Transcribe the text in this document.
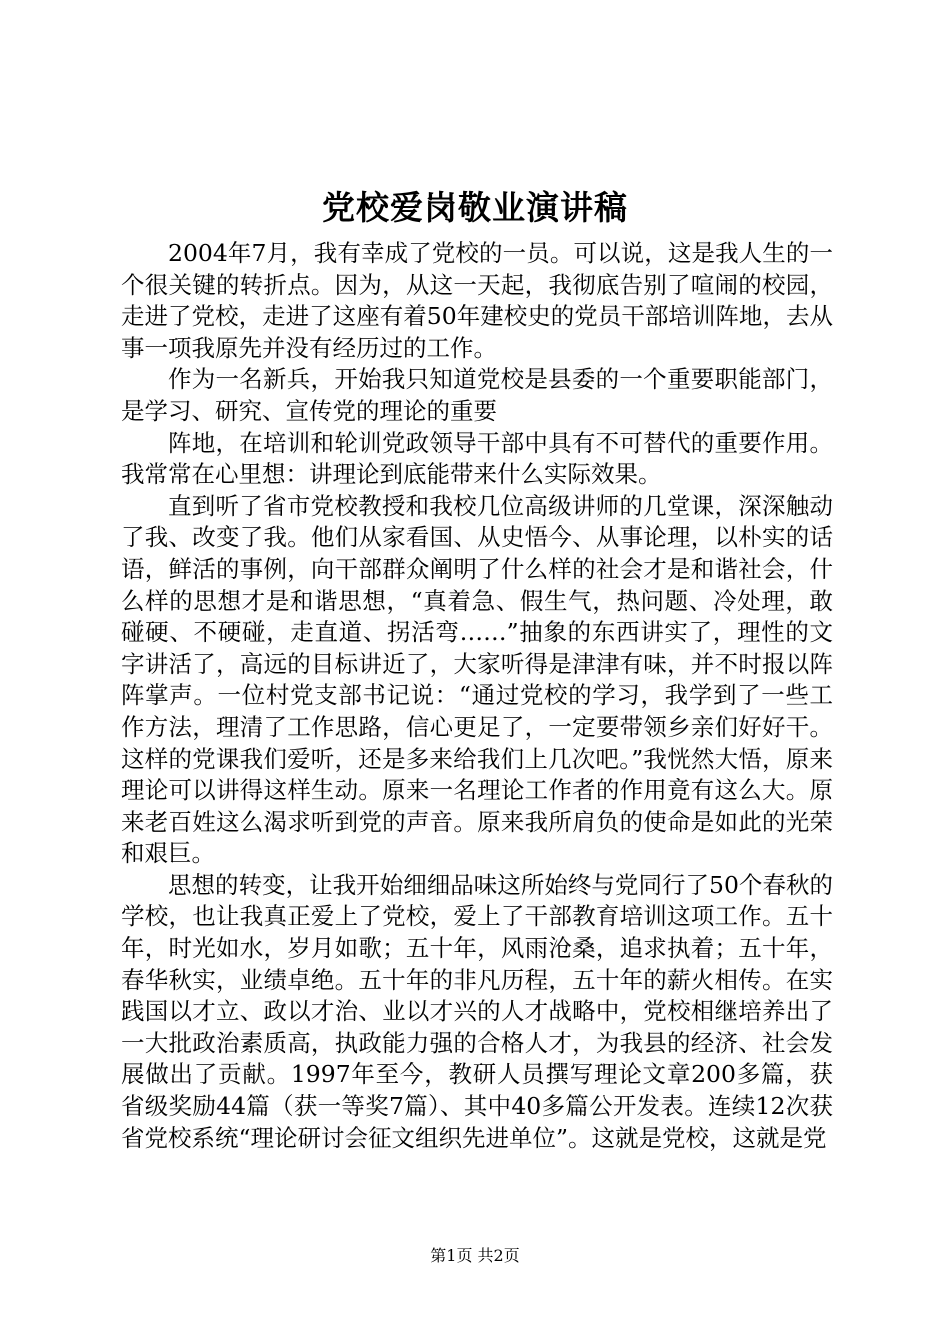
党校爱岗敬业演讲稿

2004年7月，我有幸成了党校的一员。可以说，这是我人生的一个很关键的转折点。因为，从这一天起，我彻底告别了喧闹的校园，走进了党校，走进了这座有着50年建校史的党员干部培训阵地，去从事一项我原先并没有经历过的工作。

作为一名新兵，开始我只知道党校是县委的一个重要职能部门，是学习、研究、宣传党的理论的重要

阵地，在培训和轮训党政领导干部中具有不可替代的重要作用。我常常在心里想：讲理论到底能带来什么实际效果。

直到听了省市党校教授和我校几位高级讲师的几堂课，深深触动了我、改变了我。他们从家看国、从史悟今、从事论理，以朴实的话语，鲜活的事例，向干部群众阐明了什么样的社会才是和谐社会，什么样的思想才是和谐思想，“真着急、假生气，热问题、冷处理，敢碰硬、不硬碰，走直道、拐活弯……”抽象的东西讲实了，理性的文字讲活了，高远的目标讲近了，大家听得是津津有味，并不时报以阵阵掌声。一位村党支部书记说：“通过党校的学习，我学到了一些工作方法，理清了工作思路，信心更足了，一定要带领乡亲们好好干。这样的党课我们爱听，还是多来给我们上几次吧。”我恍然大悟，原来理论可以讲得这样生动。原来一名理论工作者的作用竟有这么大。原来老百姓这么渴求听到党的声音。原来我所肩负的使命是如此的光荣和艰巨。

思想的转变，让我开始细细品味这所始终与党同行了50个春秋的学校，也让我真正爱上了党校，爱上了干部教育培训这项工作。五十年，时光如水，岁月如歌；五十年，风雨沧桑，追求执着；五十年，春华秋实，业绩卓绝。五十年的非凡历程，五十年的薪火相传。在实践国以才立、政以才治、业以才兴的人才战略中，党校相继培养出了一大批政治素质高，执政能力强的合格人才，为我县的经济、社会发展做出了贡献。1997年至今，教研人员撰写理论文章200多篇，获省级奖励44篇（获一等奖7篇）、其中40多篇公开发表。连续12次获省党校系统“理论研讨会征文组织先进单位”。这就是党校，这就是党

第1页 共2页
